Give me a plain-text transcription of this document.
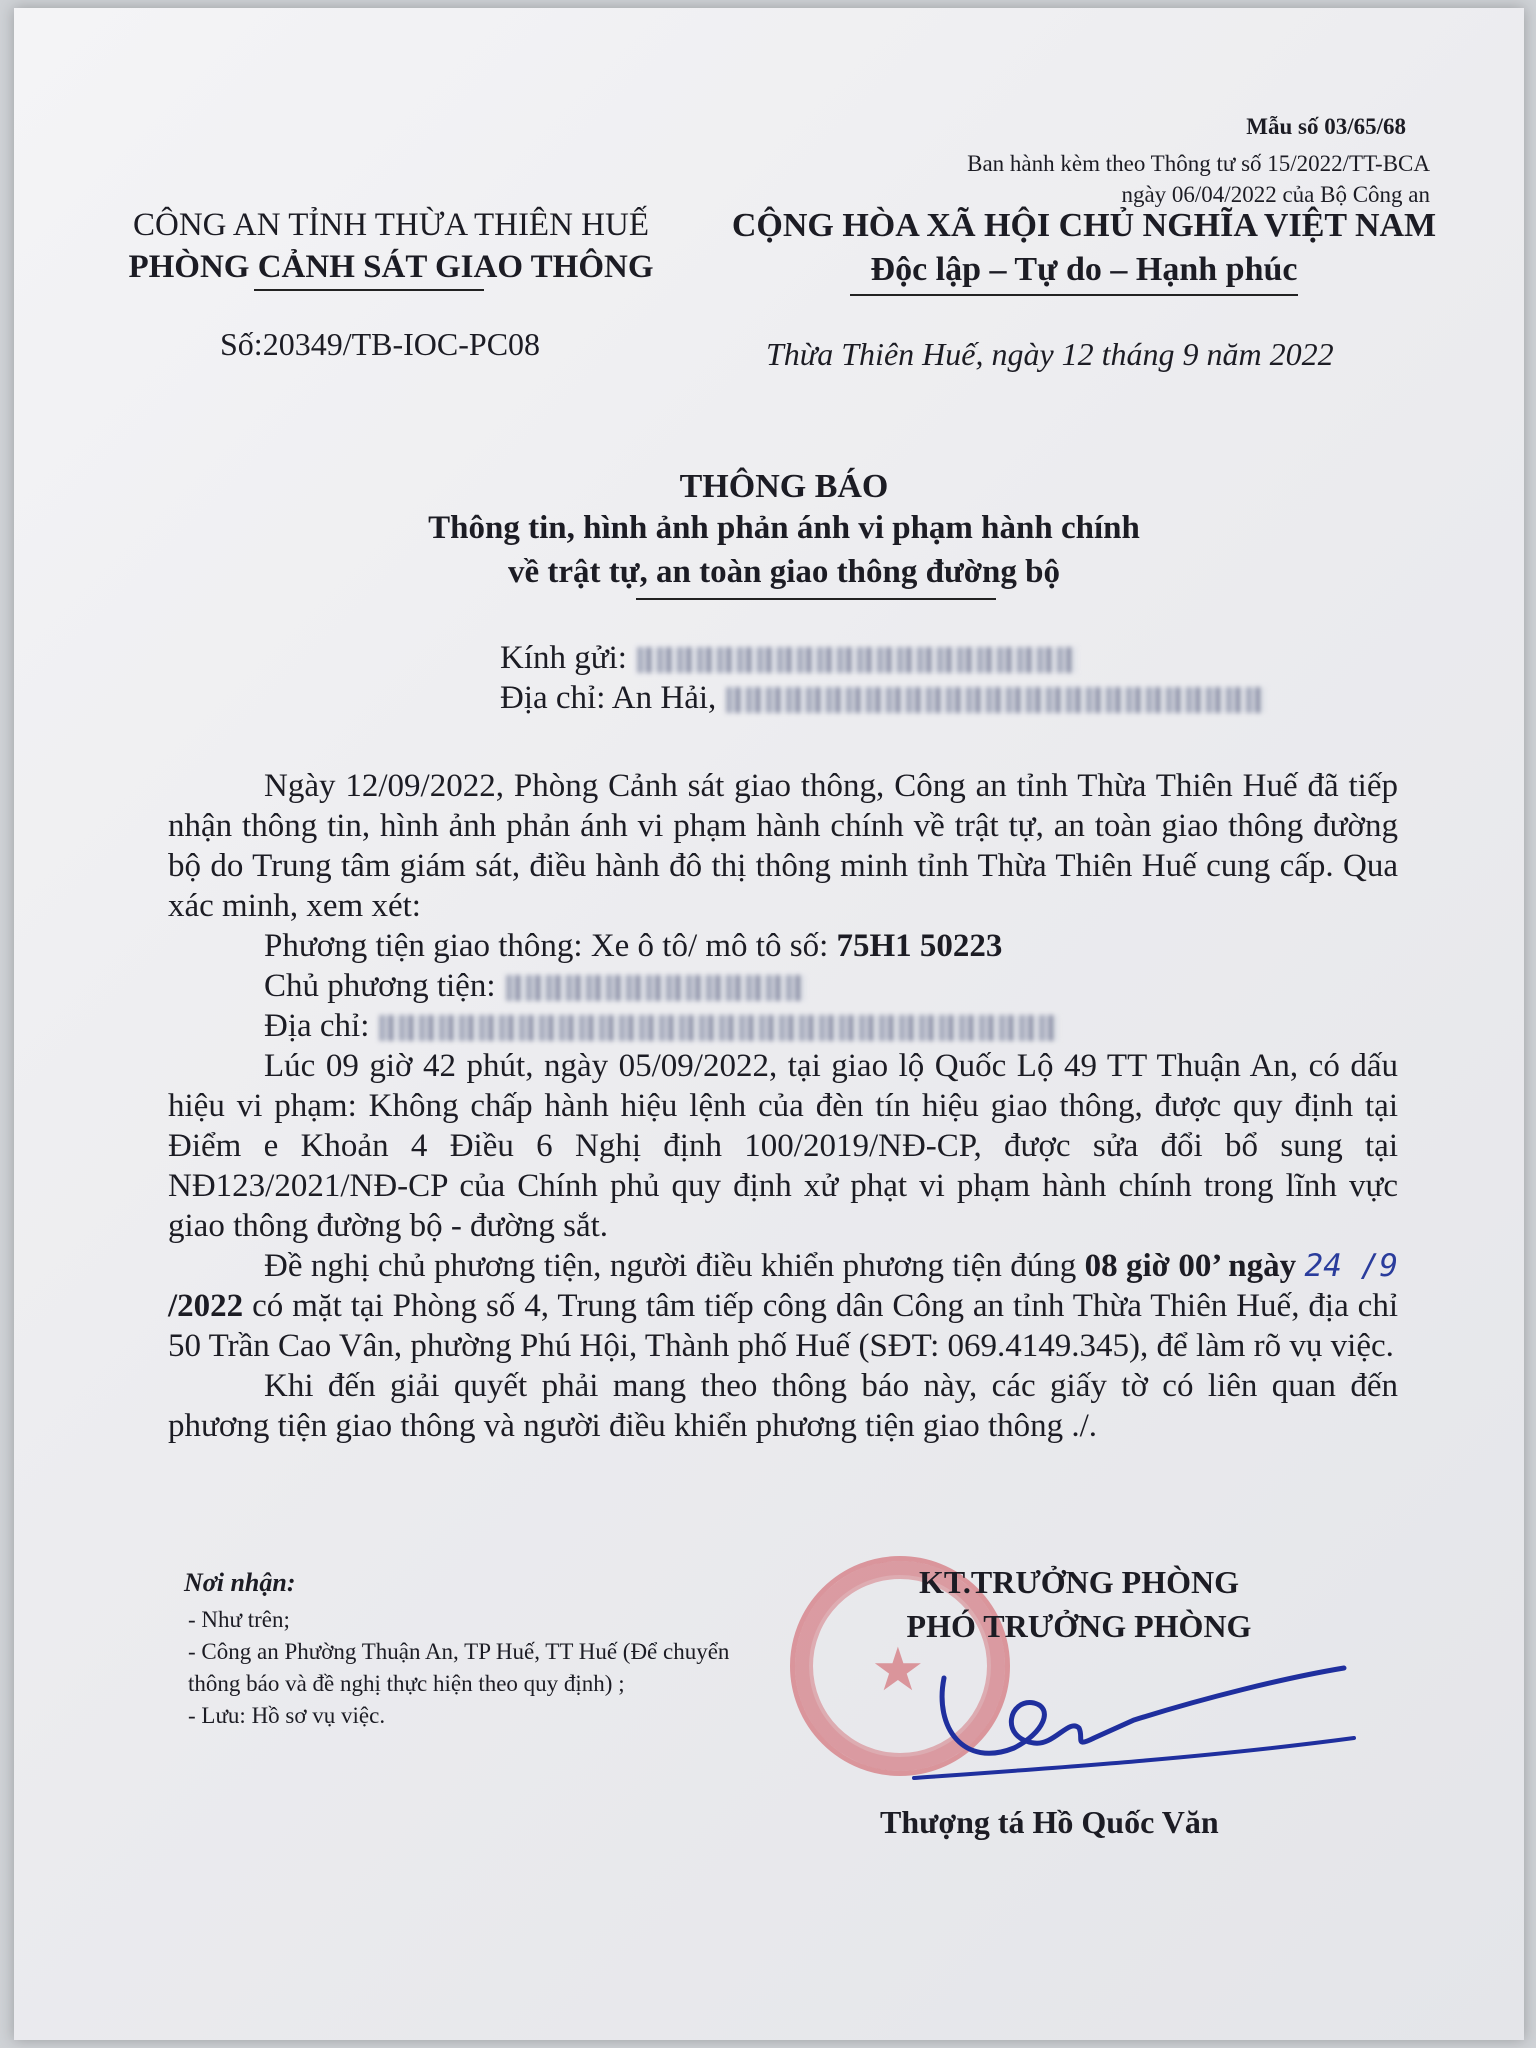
Mẫu số 03/65/68
Ban hành kèm theo Thông tư số 15/2022/TT-BCA
ngày 06/04/2022 của Bộ Công an
CÔNG AN TỈNH THỪA THIÊN HUẾ
PHÒNG CẢNH SÁT GIAO THÔNG
CỘNG HÒA XÃ HỘI CHỦ NGHĨA VIỆT NAM
Độc lập – Tự do – Hạnh phúc
Số:20349/TB-IOC-PC08	Thừa Thiên Huế, ngày 12 tháng 9 năm 2022
THÔNG BÁO
Thông tin, hình ảnh phản ánh vi phạm hành chính
về trật tự, an toàn giao thông đường bộ
Kính gửi:
Địa chỉ: An Hải,

Ngày 12/09/2022, Phòng Cảnh sát giao thông, Công an tỉnh Thừa Thiên Huế đã tiếp nhận thông tin, hình ảnh phản ánh vi phạm hành chính về trật tự, an toàn giao thông đường bộ do Trung tâm giám sát, điều hành đô thị thông minh tỉnh Thừa Thiên Huế cung cấp. Qua xác minh, xem xét:

Phương tiện giao thông: Xe ô tô/ mô tô số: 75H1 50223

Chủ phương tiện:

Địa chỉ:

Lúc 09 giờ 42 phút, ngày 05/09/2022, tại giao lộ Quốc Lộ 49 TT Thuận An, có dấu hiệu vi phạm: Không chấp hành hiệu lệnh của đèn tín hiệu giao thông, được quy định tại Điểm e Khoản 4 Điều 6 Nghị định 100/2019/NĐ-CP, được sửa đổi bổ sung tại NĐ123/2021/NĐ-CP của Chính phủ quy định xử phạt vi phạm hành chính trong lĩnh vực giao thông đường bộ - đường sắt.

Đề nghị chủ phương tiện, người điều khiển phương tiện đúng 08 giờ 00’ ngày 24 /9 /2022 có mặt tại Phòng số 4, Trung tâm tiếp công dân Công an tỉnh Thừa Thiên Huế, địa chỉ 50 Trần Cao Vân, phường Phú Hội, Thành phố Huế (SĐT: 069.4149.345), để làm rõ vụ việc.

Khi đến giải quyết phải mang theo thông báo này, các giấy tờ có liên quan đến phương tiện giao thông và người điều khiển phương tiện giao thông ./.

Nơi nhận:
- Như trên;
- Công an Phường Thuận An, TP Huế, TT Huế (Để chuyển thông báo và đề nghị thực hiện theo quy định) ;
- Lưu: Hồ sơ vụ việc.
★
KT.TRƯỞNG PHÒNG
PHÓ TRƯỞNG PHÒNG
Thượng tá Hồ Quốc Văn
